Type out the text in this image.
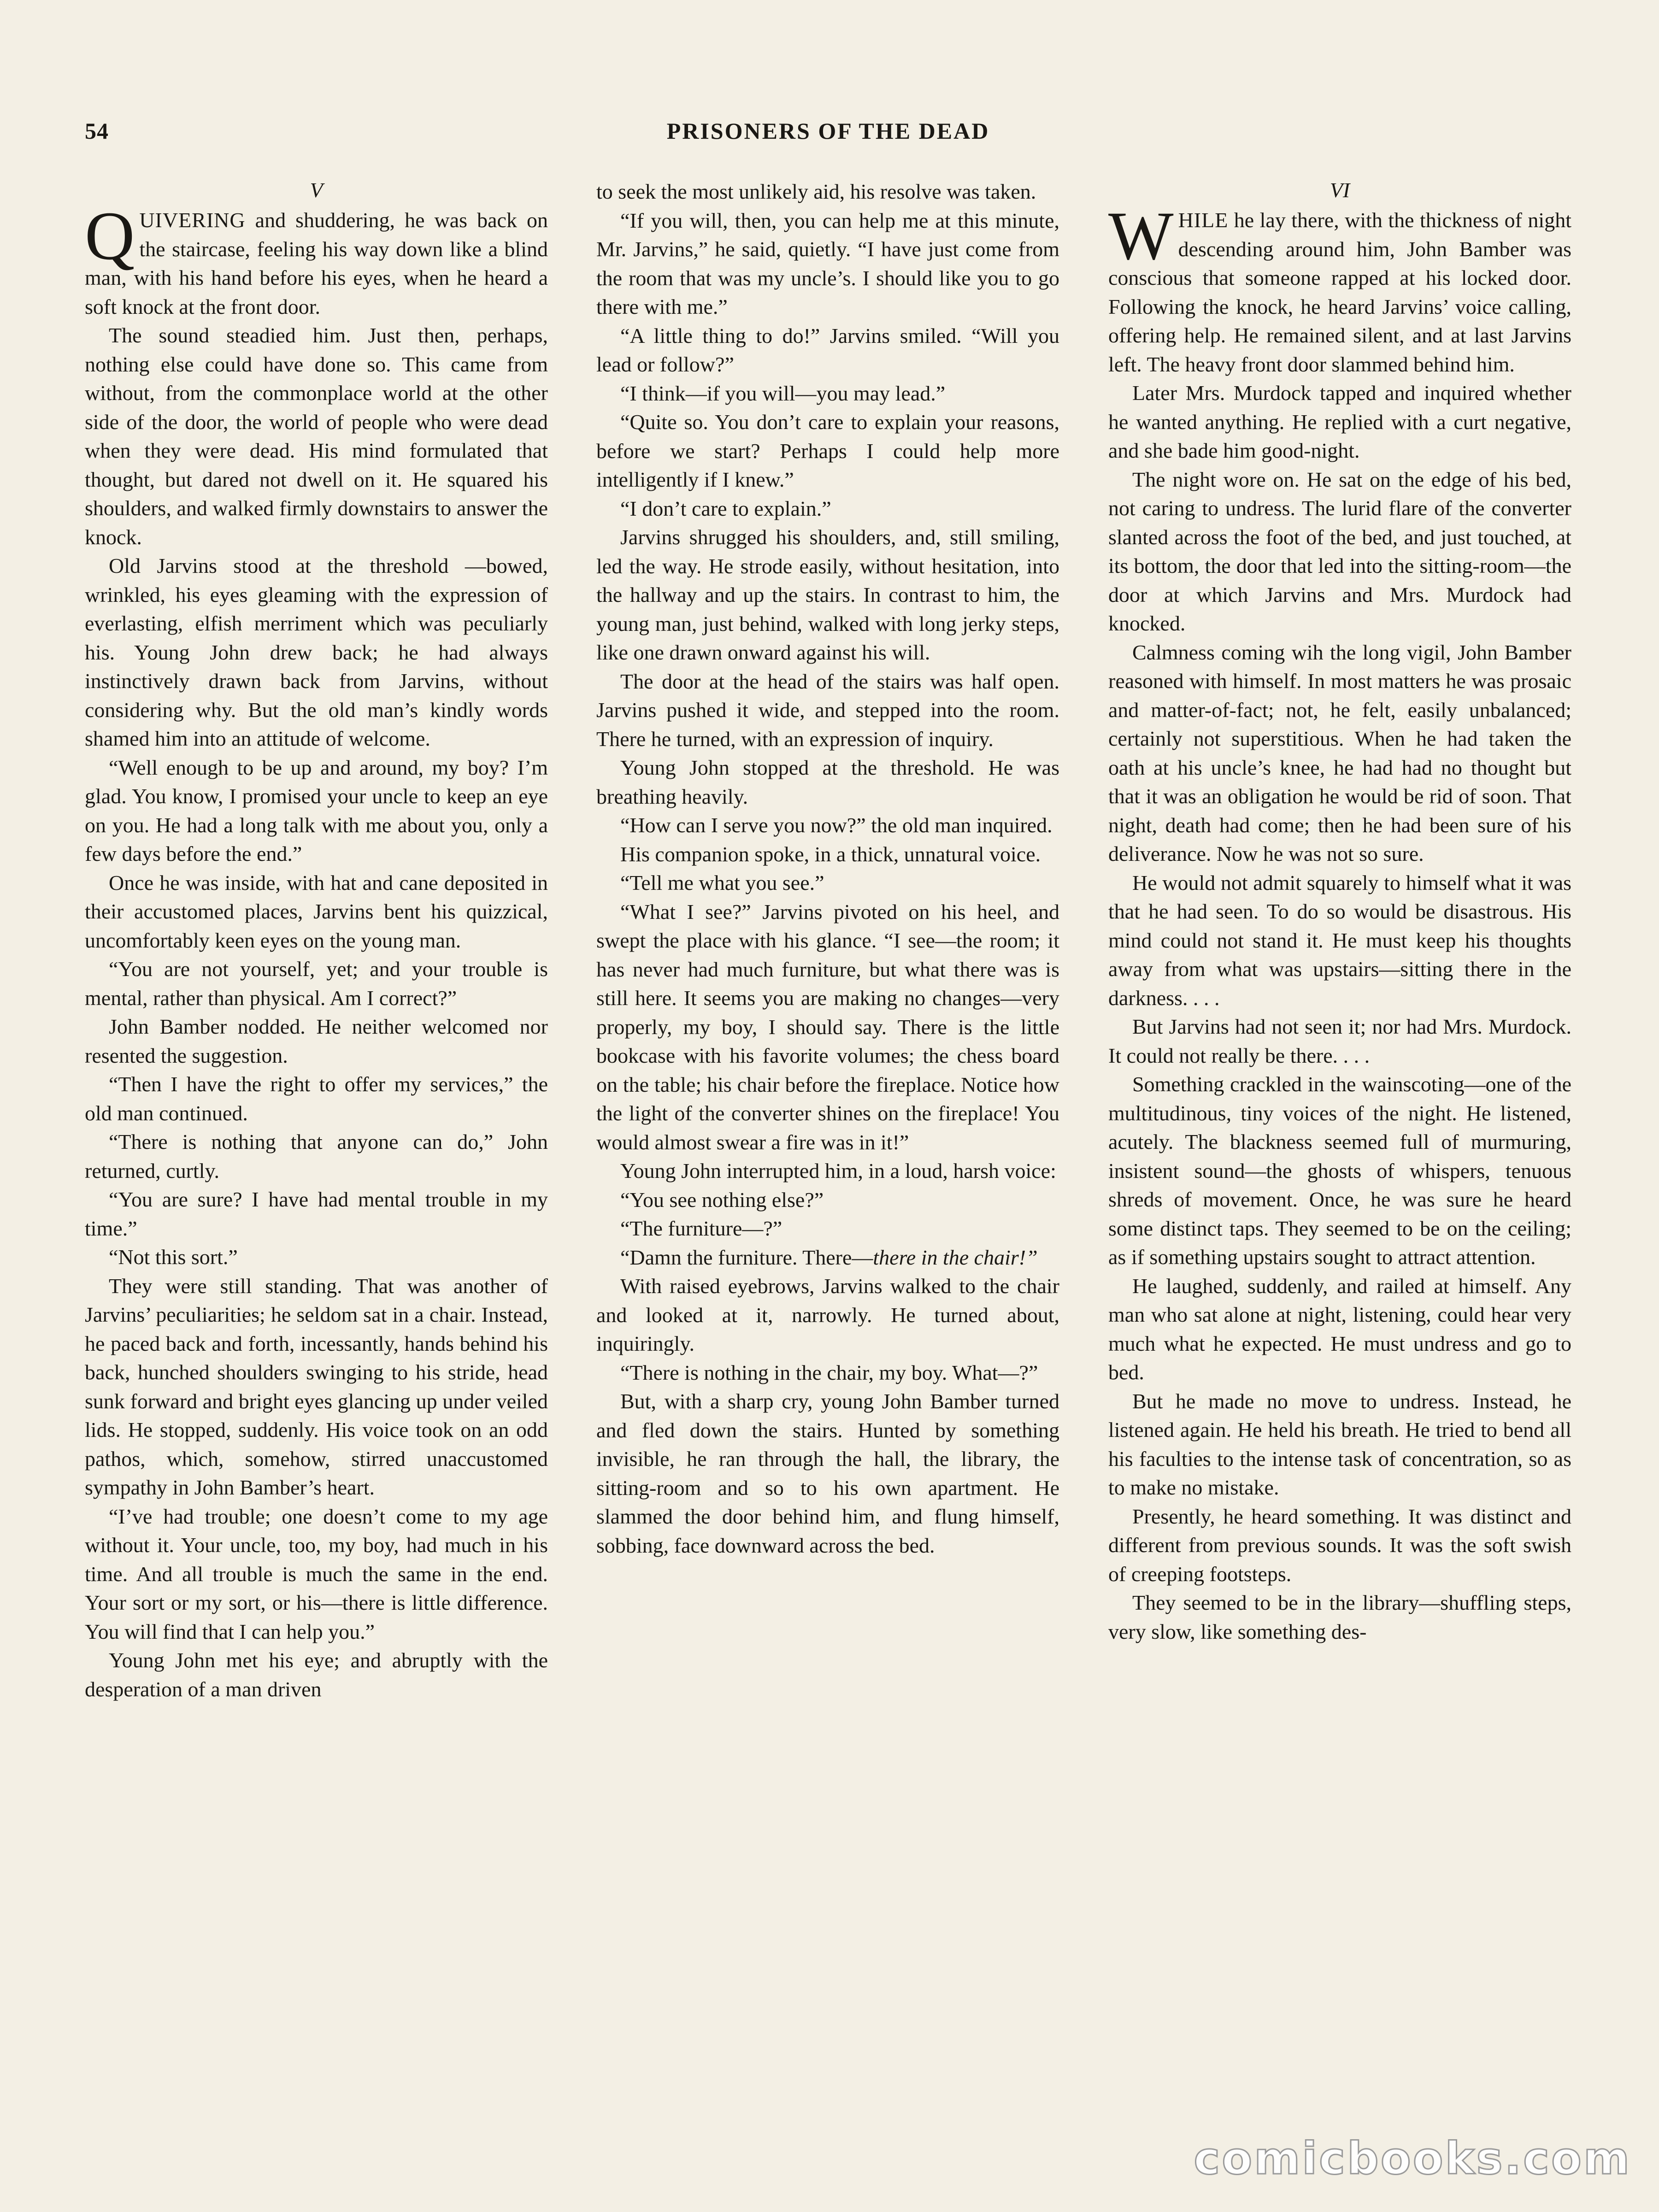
54	PRISONERS OF THE DEAD
V

QUIVERING and shuddering, he was back on the staircase, feeling his way down like a blind man, with his hand before his eyes, when he heard a soft knock at the front door.

The sound steadied him. Just then, perhaps, nothing else could have done so. This came from without, from the commonplace world at the other side of the door, the world of people who were dead when they were dead. His mind formulated that thought, but dared not dwell on it. He squared his shoulders, and walked firmly downstairs to answer the knock.

Old Jarvins stood at the threshold —bowed, wrinkled, his eyes gleaming with the expression of everlasting, elfish merriment which was peculiarly his. Young John drew back; he had always instinctively drawn back from Jarvins, without considering why. But the old man’s kindly words shamed him into an attitude of welcome.

“Well enough to be up and around, my boy? I’m glad. You know, I promised your uncle to keep an eye on you. He had a long talk with me about you, only a few days before the end.”

Once he was inside, with hat and cane deposited in their accustomed places, Jarvins bent his quizzical, uncomfortably keen eyes on the young man.

“You are not yourself, yet; and your trouble is mental, rather than physical. Am I correct?”

John Bamber nodded. He neither welcomed nor resented the suggestion.

“Then I have the right to offer my services,” the old man continued.

“There is nothing that anyone can do,” John returned, curtly.

“You are sure? I have had mental trouble in my time.”

“Not this sort.”

They were still standing. That was another of Jarvins’ peculiarities; he seldom sat in a chair. Instead, he paced back and forth, incessantly, hands behind his back, hunched shoulders swinging to his stride, head sunk forward and bright eyes glancing up under veiled lids. He stopped, suddenly. His voice took on an odd pathos, which, somehow, stirred unaccustomed sympathy in John Bamber’s heart.

“I’ve had trouble; one doesn’t come to my age without it. Your uncle, too, my boy, had much in his time. And all trouble is much the same in the end. Your sort or my sort, or his—there is little difference. You will find that I can help you.”

Young John met his eye; and abruptly with the desperation of a man driven

to seek the most unlikely aid, his resolve was taken.

“If you will, then, you can help me at this minute, Mr. Jarvins,” he said, quietly. “I have just come from the room that was my uncle’s. I should like you to go there with me.”

“A little thing to do!” Jarvins smiled. “Will you lead or follow?”

“I think—if you will—you may lead.”

“Quite so. You don’t care to explain your reasons, before we start? Perhaps I could help more intelligently if I knew.”

“I don’t care to explain.”

Jarvins shrugged his shoulders, and, still smiling, led the way. He strode easily, without hesitation, into the hallway and up the stairs. In contrast to him, the young man, just behind, walked with long jerky steps, like one drawn onward against his will.

The door at the head of the stairs was half open. Jarvins pushed it wide, and stepped into the room. There he turned, with an expression of inquiry.

Young John stopped at the threshold. He was breathing heavily.

“How can I serve you now?” the old man inquired.

His companion spoke, in a thick, unnatural voice.

“Tell me what you see.”

“What I see?” Jarvins pivoted on his heel, and swept the place with his glance. “I see—the room; it has never had much furniture, but what there was is still here. It seems you are making no changes—very properly, my boy, I should say. There is the little bookcase with his favorite volumes; the chess board on the table; his chair before the fireplace. Notice how the light of the converter shines on the fireplace! You would almost swear a fire was in it!”

Young John interrupted him, in a loud, harsh voice:

“You see nothing else?”

“The furniture—?”

“Damn the furniture. There—there in the chair!”

With raised eyebrows, Jarvins walked to the chair and looked at it, narrowly. He turned about, inquiringly.

“There is nothing in the chair, my boy. What—?”

But, with a sharp cry, young John Bamber turned and fled down the stairs. Hunted by something invisible, he ran through the hall, the library, the sitting-room and so to his own apartment. He slammed the door behind him, and flung himself, sobbing, face downward across the bed.

VI

WHILE he lay there, with the thickness of night descending around him, John Bamber was conscious that someone rapped at his locked door. Following the knock, he heard Jarvins’ voice calling, offering help. He remained silent, and at last Jarvins left. The heavy front door slammed behind him.

Later Mrs. Murdock tapped and inquired whether he wanted anything. He replied with a curt negative, and she bade him good-night.

The night wore on. He sat on the edge of his bed, not caring to undress. The lurid flare of the converter slanted across the foot of the bed, and just touched, at its bottom, the door that led into the sitting-room—the door at which Jarvins and Mrs. Murdock had knocked.

Calmness coming wih the long vigil, John Bamber reasoned with himself. In most matters he was prosaic and matter-of-fact; not, he felt, easily unbalanced; certainly not superstitious. When he had taken the oath at his uncle’s knee, he had had no thought but that it was an obligation he would be rid of soon. That night, death had come; then he had been sure of his deliverance. Now he was not so sure.

He would not admit squarely to himself what it was that he had seen. To do so would be disastrous. His mind could not stand it. He must keep his thoughts away from what was upstairs—sitting there in the darkness. . . .

But Jarvins had not seen it; nor had Mrs. Murdock. It could not really be there. . . .

Something crackled in the wainscoting—one of the multitudinous, tiny voices of the night. He listened, acutely. The blackness seemed full of murmuring, insistent sound—the ghosts of whispers, tenuous shreds of movement. Once, he was sure he heard some distinct taps. They seemed to be on the ceiling; as if something upstairs sought to attract attention.

He laughed, suddenly, and railed at himself. Any man who sat alone at night, listening, could hear very much what he expected. He must undress and go to bed.

But he made no move to undress. Instead, he listened again. He held his breath. He tried to bend all his faculties to the intense task of concentration, so as to make no mistake.

Presently, he heard something. It was distinct and different from previous sounds. It was the soft swish of creeping footsteps.

They seemed to be in the library—shuffling steps, very slow, like something des-

comicbooks.com
